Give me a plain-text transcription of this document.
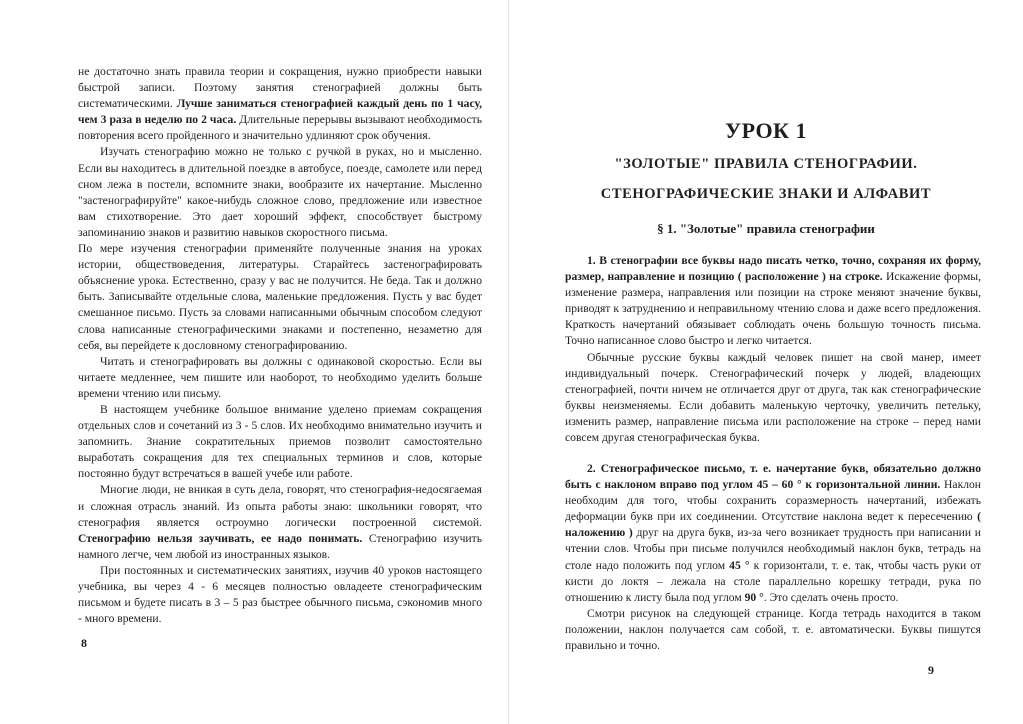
не достаточно знать правила теории и сокращения, нужно приобрести навыки быстрой записи. Поэтому занятия стенографией должны быть систематическими. Лучше заниматься стенографией каждый день по 1 часу, чем 3 раза в неделю по 2 часа. Длительные перерывы вызывают необходимость повторения всего пройденного и значительно удлиняют срок обучения.

Изучать стенографию можно не только с ручкой в руках, но и мысленно. Если вы находитесь в длительной поездке в автобусе, поезде, самолете или перед сном лежа в постели, вспомните знаки, вообразите их начертание. Мысленно "застенографируйте" какое-нибудь сложное слово, предложение или известное вам стихотворение. Это дает хороший эффект, способствует быстрому запоминанию знаков и развитию навыков скоростного письма.

По мере изучения стенографии применяйте полученные знания на уроках истории, обществоведения, литературы. Старайтесь застенографировать объяснение урока. Естественно, сразу у вас не получится. Не беда. Так и должно быть. Записывайте отдельные слова, маленькие предложения. Пусть у вас будет смешанное письмо. Пусть за словами написанными обычным способом следуют слова написанные стенографическими знаками и постепенно, незаметно для себя, вы перейдете к дословному стенографированию.

Читать и стенографировать вы должны с одинаковой скоростью. Если вы читаете медленнее, чем пишите или наоборот, то необходимо уделить больше времени чтению или письму.

В настоящем учебнике большое внимание уделено приемам сокращения отдельных слов и сочетаний из 3 - 5 слов. Их необходимо внимательно изучить и запомнить. Знание сократительных приемов позволит самостоятельно выработать сокращения для тех специальных терминов и слов, которые постоянно будут встречаться в вашей учебе или работе.

Многие люди, не вникая в суть дела, говорят, что стенография-недосягаемая и сложная отрасль знаний. Из опыта работы знаю: школьники говорят, что стенография является остроумно логически построенной системой. Стенографию нельзя заучивать, ее надо понимать. Стенографию изучить намного легче, чем любой из иностранных языков.

При постоянных и систематических занятиях, изучив 40 уроков настоящего учебника, вы через 4 - 6 месяцев полностью овладеете стенографическим письмом и будете писать в 3 – 5 раз быстрее обычного письма, сэкономив много - много времени.

8
УРОК 1
"ЗОЛОТЫЕ" ПРАВИЛА СТЕНОГРАФИИ.
СТЕНОГРАФИЧЕСКИЕ ЗНАКИ И АЛФАВИТ
§ 1. "Золотые" правила стенографии

1. В стенографии все буквы надо писать четко, точно, сохраняя их форму, размер, направление и позицию ( расположение ) на строке. Искажение формы, изменение размера, направления или позиции на строке меняют значение буквы, приводят к затруднению и неправильному чтению слова и даже всего предложения. Краткость начертаний обязывает соблюдать очень большую точность письма. Точно написанное слово быстро и легко читается.

Обычные русские буквы каждый человек пишет на свой манер, имеет индивидуальный почерк. Стенографический почерк у людей, владеющих стенографией, почти ничем не отличается друг от друга, так как стенографические буквы неизменяемы. Если добавить маленькую черточку, увеличить петельку, изменить размер, направление письма или расположение на строке – перед нами совсем другая стенографическая буква.

2. Стенографическое письмо, т. е. начертание букв, обязательно должно быть с наклоном вправо под углом 45 – 60 ° к горизонтальной линии. Наклон необходим для того, чтобы сохранить соразмерность начертаний, избежать деформации букв при их соединении. Отсутствие наклона ведет к пересечению ( наложению ) друг на друга букв, из-за чего возникает трудность при написании и чтении слов. Чтобы при письме получился необходимый наклон букв, тетрадь на столе надо положить под углом 45 ° к горизонтали, т. е. так, чтобы часть руки от кисти до локтя – лежала на столе параллельно корешку тетради, рука по отношению к листу была под углом 90 °. Это сделать очень просто.

Смотри рисунок на следующей странице. Когда тетрадь находится в таком положении, наклон получается сам собой, т. е. автоматически. Буквы пишутся правильно и точно.

9
